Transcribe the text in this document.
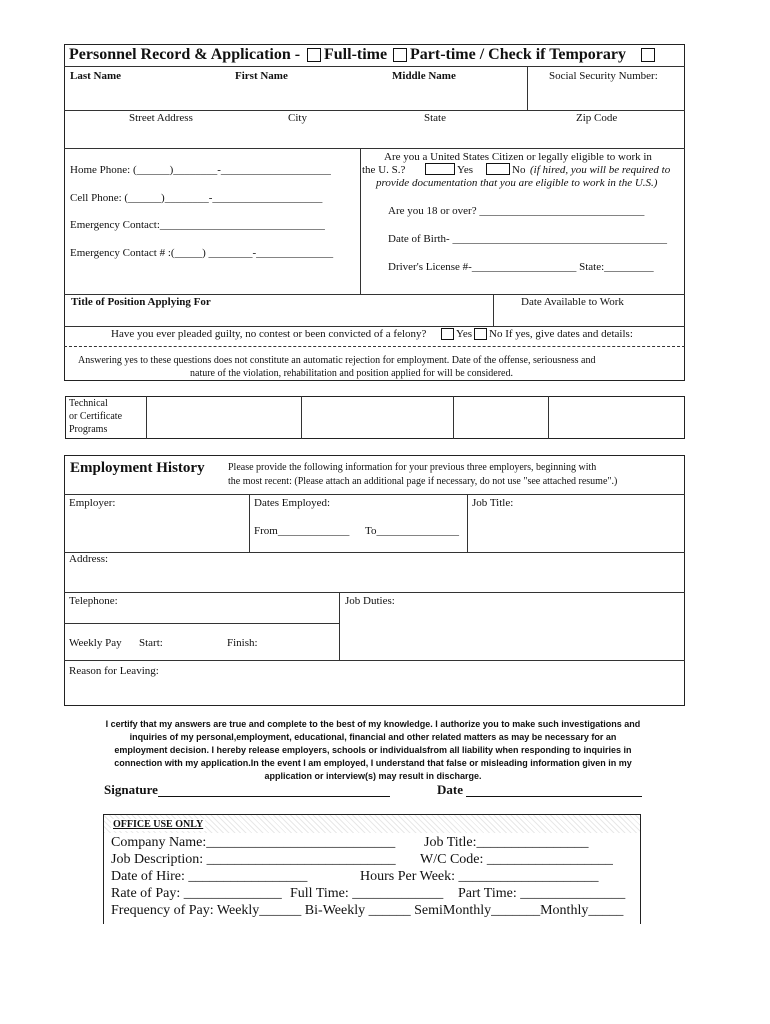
Personnel Record & Application - Full-time Part-time / Check if Temporary
Last Name	First Name	Middle Name	Social Security Number:
Street Address	City	State	Zip Code
Home Phone: (______)________-____________________
Cell Phone: (______)________-____________________
Emergency Contact:______________________________
Emergency Contact # :(_____) ________-______________
Are you a United States Citizen or legally eligible to work in
the U. S.?	Yes	No (if hired, you will be required to
provide documentation that you are eligible to work in the U.S.)
Are you 18 or over? ______________________________
Date of Birth- _______________________________________
Driver's License #-___________________ State:_________
Title of Position Applying For	Date Available to Work
Have you ever pleaded guilty, no contest or been convicted of a felony?	Yes No If yes, give dates and details:
Answering yes to these questions does not constitute an automatic rejection for employment. Date of the offense, seriousness and
nature of the violation, rehabilitation and position applied for will be considered.
Technical
or Certificate
Programs
Employment History Please provide the following information for your previous three employers, beginning with
the most recent: (Please attach an additional page if necessary, do not use "see attached resume".)
Employer:	Dates Employed:	Job Title:
From_____________ To_______________
Address:
Telephone:	Job Duties:
Weekly Pay Start:	Finish:
Reason for Leaving:
I certify that my answers are true and complete to the best of my knowledge. I authorize you to make such investigations and inquiries of my personal,employment, educational, financial and other related matters as may be necessary for an employment decision. I hereby release employers, schools or individualsfrom all liability when responding to inquiries in connection with my application.In the event I am employed, I understand that false or misleading information given in my application or interview(s) may result in discharge.
Signature	Date
OFFICE USE ONLY
Company Name:___________________________ Job Title:________________
Job Description: ___________________________ W/C Code: __________________
Date of Hire: _________________	Hours Per Week: ____________________
Rate of Pay: ______________ Full Time: _____________ Part Time: _______________
Frequency of Pay: Weekly______ Bi-Weekly ______ SemiMonthly_______Monthly_____
